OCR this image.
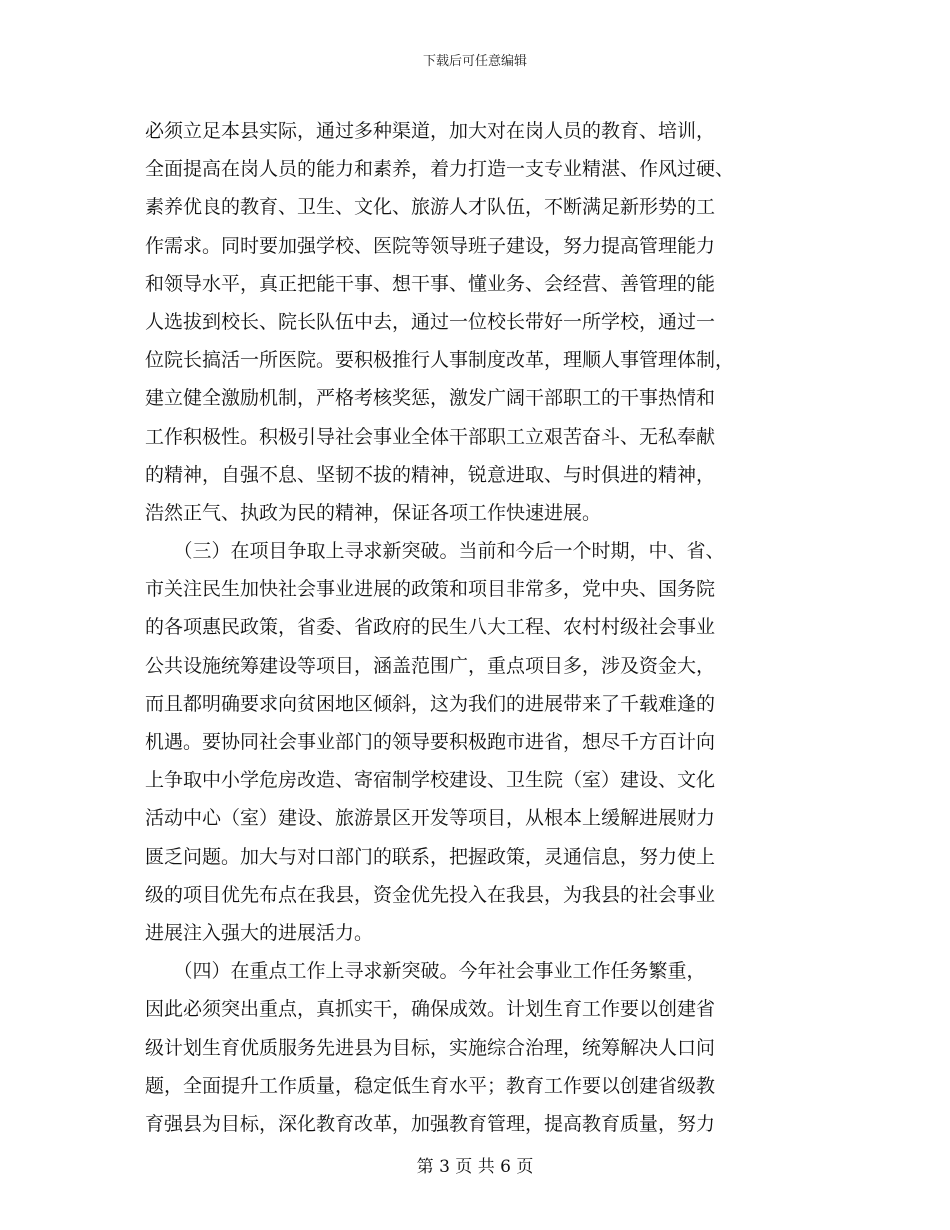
下载后可任意编辑
必须立足本县实际，通过多种渠道，加大对在岗人员的教育、培训，
全面提高在岗人员的能力和素养，着力打造一支专业精湛、作风过硬、
素养优良的教育、卫生、文化、旅游人才队伍，不断满足新形势的工
作需求。同时要加强学校、医院等领导班子建设，努力提高管理能力
和领导水平，真正把能干事、想干事、懂业务、会经营、善管理的能
人选拔到校长、院长队伍中去，通过一位校长带好一所学校，通过一
位院长搞活一所医院。要积极推行人事制度改革，理顺人事管理体制，
建立健全激励机制，严格考核奖惩，激发广阔干部职工的干事热情和
工作积极性。积极引导社会事业全体干部职工立艰苦奋斗、无私奉献
的精神，自强不息、坚韧不拔的精神，锐意进取、与时俱进的精神，
浩然正气、执政为民的精神，保证各项工作快速进展。
　　（三）在项目争取上寻求新突破。当前和今后一个时期，中、省、
市关注民生加快社会事业进展的政策和项目非常多，党中央、国务院
的各项惠民政策，省委、省政府的民生八大工程、农村村级社会事业
公共设施统筹建设等项目，涵盖范围广，重点项目多，涉及资金大，
而且都明确要求向贫困地区倾斜，这为我们的进展带来了千载难逢的
机遇。要协同社会事业部门的领导要积极跑市进省，想尽千方百计向
上争取中小学危房改造、寄宿制学校建设、卫生院（室）建设、文化
活动中心（室）建设、旅游景区开发等项目，从根本上缓解进展财力
匮乏问题。加大与对口部门的联系，把握政策，灵通信息，努力使上
级的项目优先布点在我县，资金优先投入在我县，为我县的社会事业
进展注入强大的进展活力。
　　（四）在重点工作上寻求新突破。今年社会事业工作任务繁重，
因此必须突出重点，真抓实干，确保成效。计划生育工作要以创建省
级计划生育优质服务先进县为目标，实施综合治理，统筹解决人口问
题，全面提升工作质量，稳定低生育水平；教育工作要以创建省级教
育强县为目标，深化教育改革，加强教育管理，提高教育质量，努力
第 3 页 共 6 页
